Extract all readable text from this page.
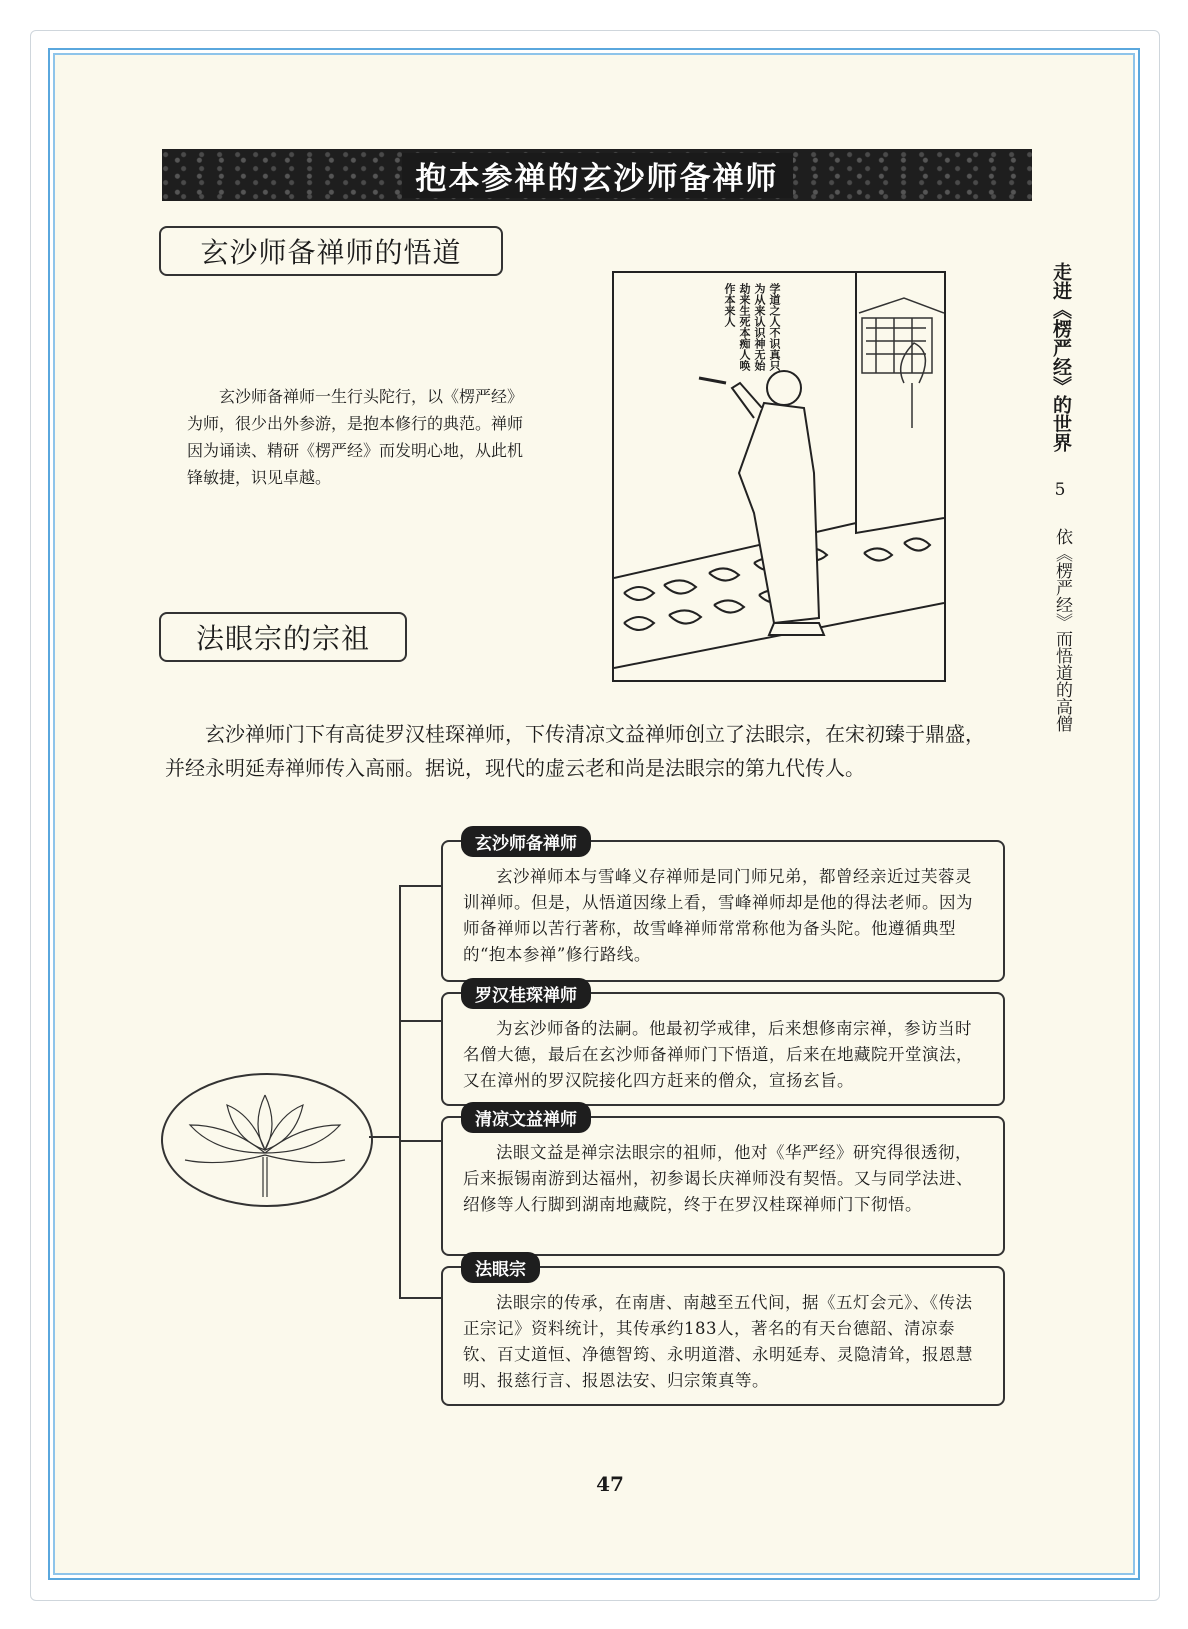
抱本参禅的玄沙师备禅师
玄沙师备禅师的悟道

玄沙师备禅师一生行头陀行，以《楞严经》为师，很少出外参游，是抱本修行的典范。禅师因为诵读、精研《楞严经》而发明心地，从此机锋敏捷，识见卓越。

学道之人不识真只为从来认识神无始劫来生死本痴人唤作本来人
法眼宗的宗祖

玄沙禅师门下有高徒罗汉桂琛禅师，下传清凉文益禅师创立了法眼宗，在宋初臻于鼎盛，并经永明延寿禅师传入高丽。据说，现代的虚云老和尚是法眼宗的第九代传人。

玄沙师备禅师

玄沙禅师本与雪峰义存禅师是同门师兄弟，都曾经亲近过芙蓉灵训禅师。但是，从悟道因缘上看，雪峰禅师却是他的得法老师。因为师备禅师以苦行著称，故雪峰禅师常常称他为备头陀。他遵循典型的“抱本参禅”修行路线。

罗汉桂琛禅师

为玄沙师备的法嗣。他最初学戒律，后来想修南宗禅，参访当时名僧大德，最后在玄沙师备禅师门下悟道，后来在地藏院开堂演法，又在漳州的罗汉院接化四方赶来的僧众，宣扬玄旨。

清凉文益禅师

法眼文益是禅宗法眼宗的祖师，他对《华严经》研究得很透彻，后来振锡南游到达福州，初参谒长庆禅师没有契悟。又与同学法进、绍修等人行脚到湖南地藏院，终于在罗汉桂琛禅师门下彻悟。

法眼宗

法眼宗的传承，在南唐、南越至五代间，据《五灯会元》、《传法正宗记》资料统计，其传承约183人，著名的有天台德韶、清凉泰钦、百丈道恒、净德智筠、永明道潜、永明延寿、灵隐清耸，报恩慧明、报慈行言、报恩法安、归宗策真等。

走进《楞严经》的世界
5
依《楞严经》而悟道的高僧
47
